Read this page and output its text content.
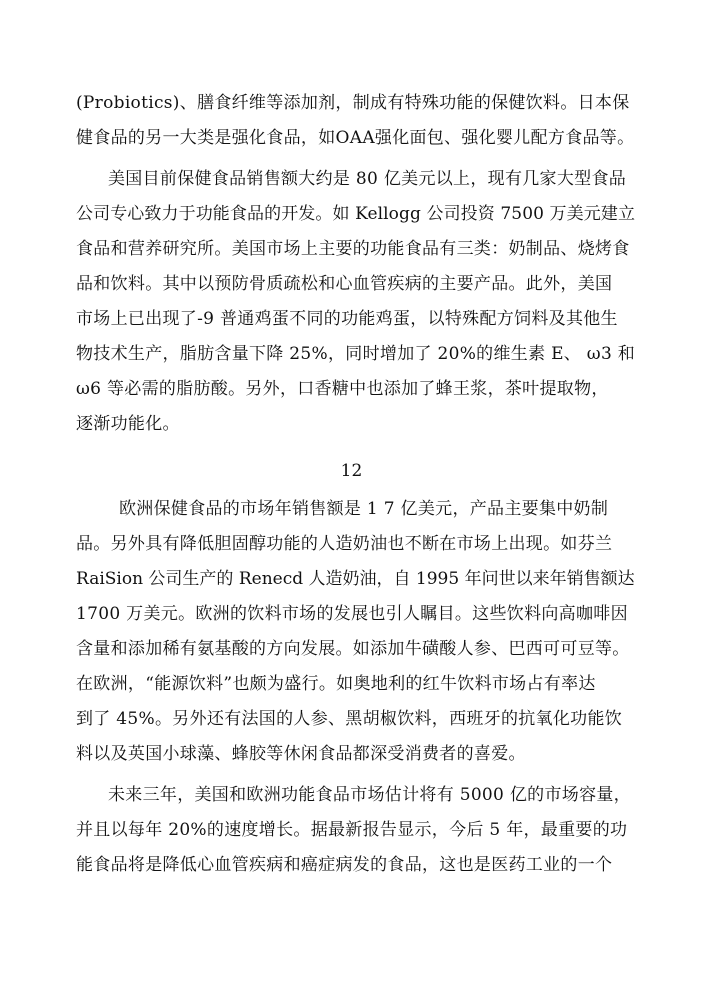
(Probiotics)、膳食纤维等添加剂，制成有特殊功能的保健饮料。日本保
健食品的另一大类是强化食品，如OAA强化面包、强化婴儿配方食品等。
美国目前保健食品销售额大约是 80 亿美元以上，现有几家大型食品
公司专心致力于功能食品的开发。如 Kellogg 公司投资 7500 万美元建立
食品和营养研究所。美国市场上主要的功能食品有三类：奶制品、烧烤食
品和饮料。其中以预防骨质疏松和心血管疾病的主要产品。此外，美国
市场上已出现了-9 普通鸡蛋不同的功能鸡蛋，以特殊配方饲料及其他生
物技术生产，脂肪含量下降 25%，同时增加了 20%的维生素 E、 ω3 和
ω6 等必需的脂肪酸。另外，口香糖中也添加了蜂王浆，茶叶提取物，
逐渐功能化。
12
欧洲保健食品的市场年销售额是 1 7 亿美元，产品主要集中奶制
品。另外具有降低胆固醇功能的人造奶油也不断在市场上出现。如芬兰
RaiSion 公司生产的 Renecd 人造奶油，自 1995 年问世以来年销售额达
1700 万美元。欧洲的饮料市场的发展也引人瞩目。这些饮料向高咖啡因
含量和添加稀有氨基酸的方向发展。如添加牛磺酸人参、巴西可可豆等。
在欧洲，“能源饮料”也颇为盛行。如奥地利的红牛饮料市场占有率达
到了 45%。另外还有法国的人参、黑胡椒饮料，西班牙的抗氧化功能饮
料以及英国小球藻、蜂胶等休闲食品都深受消费者的喜爱。
未来三年，美国和欧洲功能食品市场估计将有 5000 亿的市场容量，
并且以每年 20%的速度增长。据最新报告显示，今后 5 年，最重要的功
能食品将是降低心血管疾病和癌症病发的食品，这也是医药工业的一个
